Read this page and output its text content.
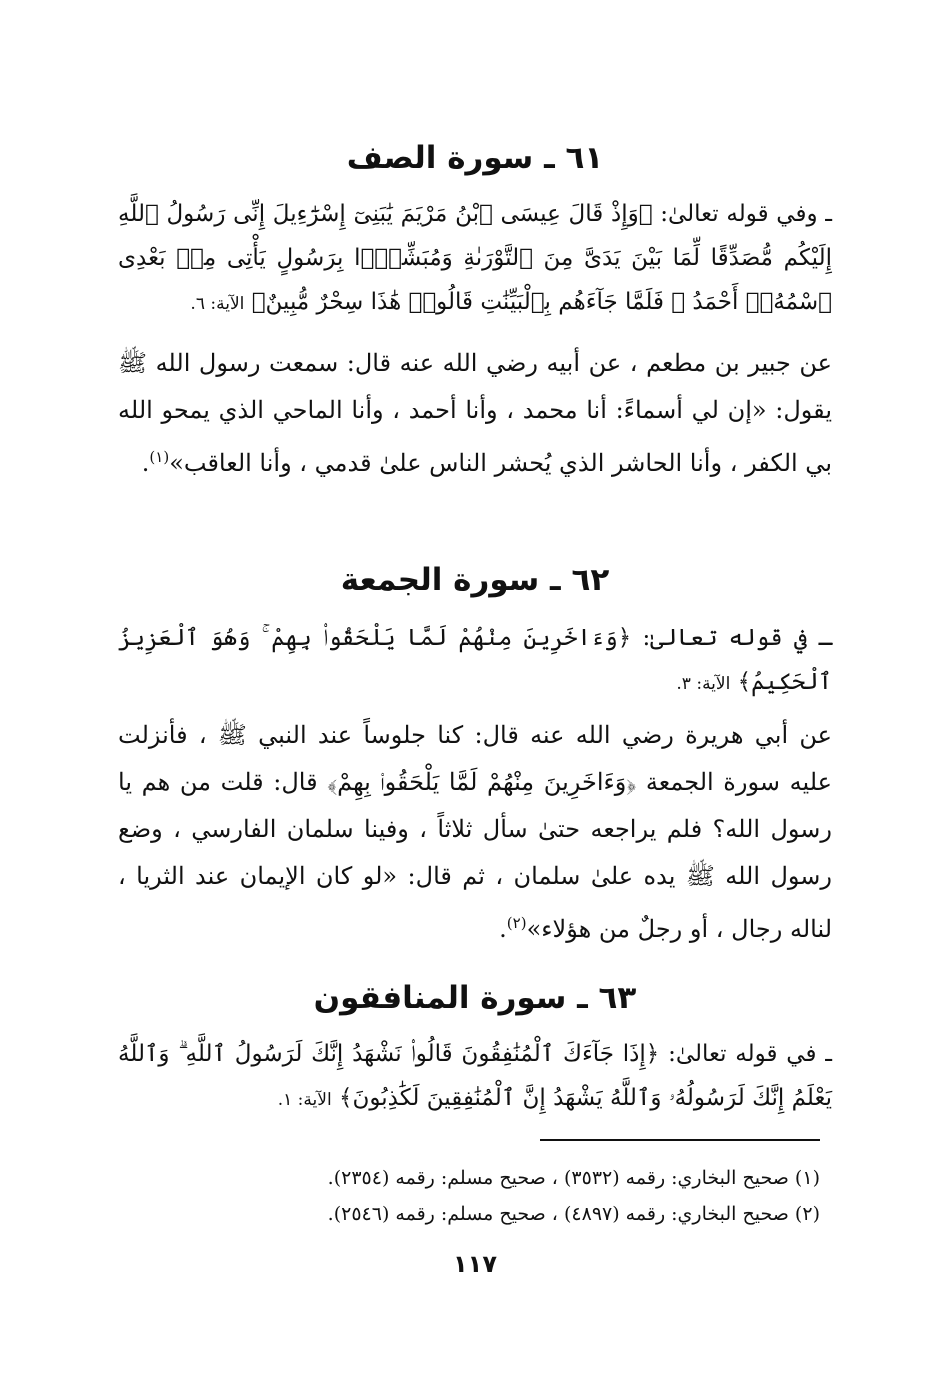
٦١ ـ سورة الصف

ـ وفي قوله تعالىٰ: ﴿وَإِذْ قَالَ عِيسَى ٱبْنُ مَرْيَمَ يَٰبَنِىٓ إِسْرَٰٓءِيلَ إِنِّى رَسُولُ ٱللَّهِ إِلَيْكُم مُّصَدِّقًا لِّمَا بَيْنَ يَدَىَّ مِنَ ٱلتَّوْرَىٰةِ وَمُبَشِّرًۢا بِرَسُولٍ يَأْتِى مِنۢ بَعْدِى ٱسْمُهُۥٓ أَحْمَدُ ۖ فَلَمَّا جَآءَهُم بِٱلْبَيِّنَٰتِ قَالُوا۟ هَٰذَا سِحْرٌ مُّبِينٌ﴾ الآية: ٦.

عن جبير بن مطعم ، عن أبيه رضي الله عنه قال: سمعت رسول الله ﷺ يقول: «إن لي أسماءً: أنا محمد ، وأنا أحمد ، وأنا الماحي الذي يمحو الله بي الكفر ، وأنا الحاشر الذي يُحشر الناس علىٰ قدمي ، وأنا العاقب»$^{(١)}$.

٦٢ ـ سورة الجمعة

ـ في قوله تعالىٰ: ﴿وَءَاخَرِينَ مِنْهُمْ لَمَّا يَلْحَقُوا۟ بِهِمْ ۚ وَهُوَ ٱلْعَزِيزُ ٱلْحَكِيمُ﴾ الآية: ٣.

عن أبي هريرة رضي الله عنه قال: كنا جلوساً عند النبي ﷺ ، فأنزلت عليه سورة الجمعة ﴿وَءَاخَرِينَ مِنْهُمْ لَمَّا يَلْحَقُوا۟ بِهِمْ﴾ قال: قلت من هم يا رسول الله؟ فلم يراجعه حتىٰ سأل ثلاثاً ، وفينا سلمان الفارسي ، وضع رسول الله ﷺ يده علىٰ سلمان ، ثم قال: «لو كان الإيمان عند الثريا ، لناله رجال ، أو رجلٌ من هؤلاء»$^{(٢)}$.

٦٣ ـ سورة المنافقون

ـ في قوله تعالىٰ: ﴿إِذَا جَآءَكَ ٱلْمُنَٰفِقُونَ قَالُوا۟ نَشْهَدُ إِنَّكَ لَرَسُولُ ٱللَّهِ ۗ وَٱللَّهُ يَعْلَمُ إِنَّكَ لَرَسُولُهُۥ وَٱللَّهُ يَشْهَدُ إِنَّ ٱلْمُنَٰفِقِينَ لَكَٰذِبُونَ﴾ الآية: ١.

(١) صحيح البخاري: رقمه (٣٥٣٢) ، صحيح مسلم: رقمه (٢٣٥٤).
(٢) صحيح البخاري: رقمه (٤٨٩٧) ، صحيح مسلم: رقمه (٢٥٤٦).
١١٧
